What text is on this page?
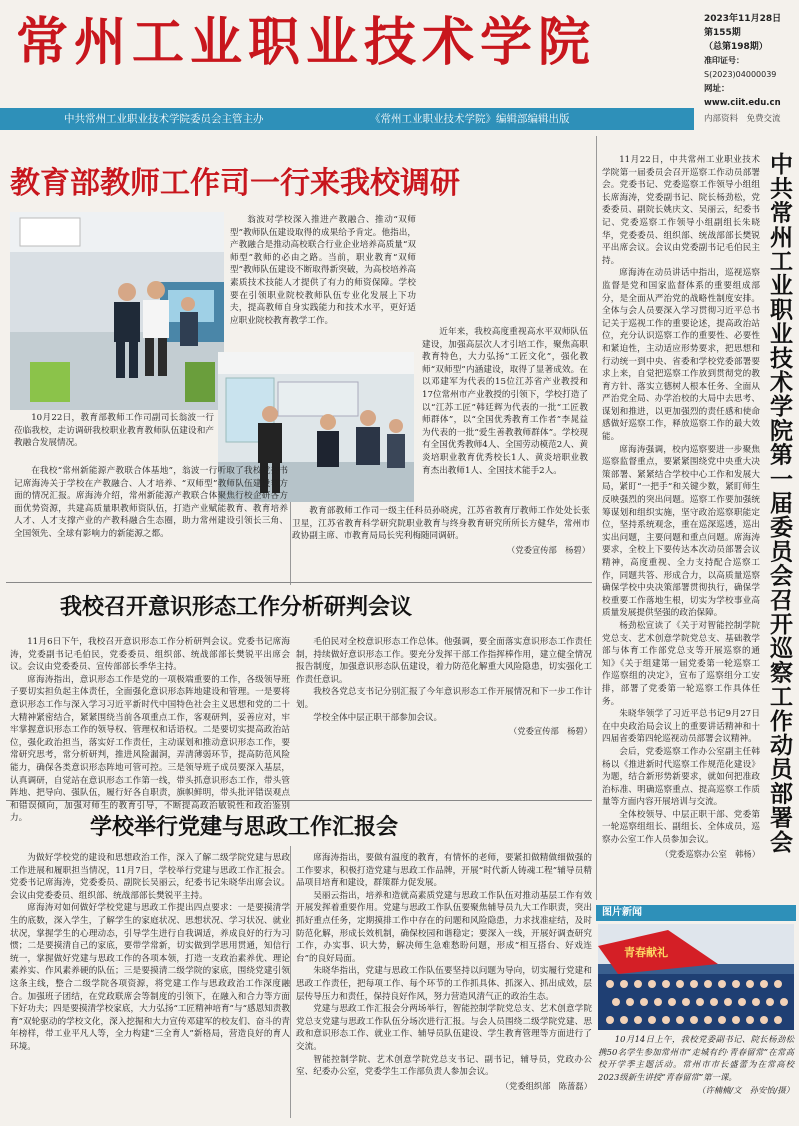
常州工业职业技术学院	2023年11月28日
第155期
（总第198期）
准印证号：
S(2023)04000039
网址：www.ciit.edu.cn
内部资料　免费交流
中共常州工业职业技术学院委员会主管主办	《常州工业职业技术学院》编辑部编辑出版
教育部教师工作司一行来我校调研

翁波对学校深入推进产教融合、推动“双师型”教师队伍建设取得的成果给予肯定。他指出，产教融合是推动高校联合行业企业培养高质量“双师型”教师的必由之路。当前，职业教育“双师型”教师队伍建设不断取得新突破，为高校培养高素质技术技能人才提供了有力的师资保障。学校要在引领职业院校教师队伍专业化发展上下功夫，提高教师自身实践能力和技术水平，更好适应职业院校教育教学工作。

近年来，我校高度重视高水平双师队伍建设，加强高层次人才引培工作，聚焦高职教育特色，大力弘扬“工匠文化”，强化教师“双师型”内涵建设，取得了显著成效。在以邓建军为代表的15位江苏省产业教授和17位常州市产业教授的引领下，学校打造了以“江苏工匠”韩廷辉为代表的一批“工匠教师群体”，以“全国优秀教育工作者”李晁益为代表的一批“爱生善教教师群体”。学校现有全国优秀教师4人、全国劳动模范2人、黄炎培职业教育优秀校长1人、黄炎培职业教育杰出教师1人、全国技术能手2人。

10月22日，教育部教师工作司副司长翁波一行莅临我校，走访调研我校职业教育教师队伍建设和产教融合发展情况。

在我校“常州新能源产教联合体基地”，翁波一行听取了我校党委书记席海涛关于学校在产教融合、人才培养、“双师型”教师队伍建设等方面的情况汇报。席海涛介绍，常州新能源产教联合体聚焦行校企研各方面优势资源，共建高质量职教师资队伍，打造产业赋能教育、教育培养人才、人才支撑产业的产教科融合生态圈，助力常州建设引领长三角、全国领先、全球有影响力的新能源之都。

教育部教师工作司一级主任科员孙晓虎，江苏省教育厅教师工作处处长张卫星，江苏省教育科学研究院职业教育与终身教育研究所所长方健华，常州市政协副主席、市教育局局长宪利梅随同调研。

（党委宣传部　杨碧）
我校召开意识形态工作分析研判会议

11月6日下午，我校召开意识形态工作分析研判会议。党委书记席海涛，党委副书记毛伯民，党委委员、组织部、统战部部长樊锐平出席会议。会议由党委委员、宣传部部长季华主持。

席海涛指出，意识形态工作是党的一项极端重要的工作，各级领导班子要切实担负起主体责任，全面强化意识形态阵地建设和管理。一是要将意识形态工作与深入学习习近平新时代中国特色社会主义思想和党的二十大精神紧密结合，紧紧围绕当前各项重点工作，客观研判，妥善应对，牢牢掌握意识形态工作的领导权、管理权和话语权。二是要切实提高政治站位，强化政治担当，落实好工作责任，主动谋划和推动意识形态工作，要常研究思考，常分析研判，推进风险漏洞，弄清薄弱环节，提高防范风险能力，确保各类意识形态阵地可管可控。三是领导班子成员要深入基层，认真调研，自觉站在意识形态工作第一线，带头抓意识形态工作，带头管阵地、把导向、强队伍，履行好各自职责，旗帜鲜明，带头批评错误观点和错误倾向，加强对师生的教育引导，不断提高政治敏锐性和政治鉴别力。

毛伯民对全校意识形态工作总体。他强调，要全面落实意识形态工作责任制，持续做好意识形态工作。要充分发挥干部工作指挥棒作用，建立健全情况报告制度，加强意识形态队伍建设，着力防范化解重大风险隐患，切实强化工作责任意识。

我校各党总支书记分别汇报了今年意识形态工作开展情况和下一步工作计划。

学校全体中层正职干部参加会议。

（党委宣传部　杨碧）
学校举行党建与思政工作汇报会

为做好学校党的建设和思想政治工作，深入了解二级学院党建与思政工作进展和履职担当情况，11月7日，学校举行党建与思政工作汇报会。党委书记席海涛，党委委员、副院长吴丽云，纪委书记朱晓华出席会议。会议由党委委员、组织部、统战部部长樊锐平主持。

席海涛对如何做好学校党建与思政工作提出四点要求：一是要摸清学生的底数，深入学生，了解学生的家庭状况、思想状况、学习状况、就业状况，掌握学生的心理动态，引导学生进行自我调适，养成良好的行为习惯；二是要摸清自己的家底，要带学常新，切实做到学思用贯通，知信行统一，掌握做好党建与思政工作的各项本领，打造一支政治素养优、理论素养实、作风素养硬的队伍；三是要摸清二级学院的家底，围绕党建引领这条主线，整合二级学院各项资源，将党建工作与思政政治工作深度融合。加强班子团结，在党政联席会等制度的引领下，在融入和合力等方面下好功夫；四是要摸清学校家底，大力弘扬“工匠精神培育”与“感恩知责教育”双轮驱动的学校文化，深入挖掘和大力宣传邓建军的校友们、奋斗的青年榜样，带工业平凡人等，全力构建“三全育人”新格局，营造良好的育人环境。

席海涛指出，要做有温度的教育，有情怀的老师，要紧扣做精做细做强的工作要求，积极打造党建与思政工作品牌，开展“时代新人铸魂工程”辅导员精品项目培育和建设，群策群力促发展。

吴丽云指出，培养和造就高素质党建与思政工作队伍对推动基层工作有效开展发挥着重要作用。党建与思政工作队伍要聚焦辅导员九大工作职责，突出抓好重点任务，定期摸排工作中存在的问题和风险隐患，力求找准症结，及时防范化解，形成长效机制，确保校园和谐稳定；要深入一线，开展好调查研究工作，办实事、识大势，解决师生急难愁盼问题，形成“相互搭台、好戏连台”的良好局面。

朱晓华指出，党建与思政工作队伍要坚持以问题为导向，切实履行党建和思政工作责任，把每项工作、每个环节的工作抓具体、抓深入、抓出成效，层层传导压力和责任，保持良好作风，努力营造风清气正的政治生态。

党建与思政工作汇报会分两场举行，智能控制学院党总支、艺术创意学院党总支党建与思政工作队伍分场次进行汇报。与会人员围绕二级学院党建、思政和意识形态工作、就业工作、辅导员队伍建设、学生教育管理等方面进行了交流。

智能控制学院、艺术创意学院党总支书记、副书记，辅导员，党政办公室、纪委办公室，党委学生工作部负责人参加会议。

（党委组织部　陈蔷磊）
中共常州工业职业技术学院第一届委员会召开巡察工作动员部署会

11月22日，中共常州工业职业技术学院第一届委员会召开巡察工作动员部署会。党委书记、党委巡察工作领导小组组长席海涛，党委副书记、院长杨劲松，党委委员、副院长姚庆文、吴丽云，纪委书记、党委巡察工作领导小组副组长朱晓华，党委委员、组织部、统战部部长樊锐平出席会议。会议由党委副书记毛伯民主持。

席海涛在动员讲话中指出，巡视巡察监督是党和国家监督体系的重要组成部分，是全面从严治党的战略性制度安排。全体与会人员要深入学习贯彻习近平总书记关于巡视工作的重要论述，提高政治站位，充分认识巡察工作的重要性、必要性和紧迫性，主动适应形势要求，把思想和行动统一到中央、省委和学校党委部署要求上来，自觉把巡察工作放到贯彻党的教育方针、落实立德树人根本任务、全面从严治党全局、办学治校的大局中去思考、谋划和推进，以更加强烈的责任感和使命感做好巡察工作，释放巡察工作的最大效能。

席海涛强调，校内巡察要进一步聚焦巡察监督重点，要紧紧围绕党中央重大决策部署、紧紧结合学校中心工作和发展大局，紧盯“一把手”和关键少数，紧盯师生反映强烈的突出问题。巡察工作要加强统筹谋划和组织实施，坚守政治巡察职能定位，坚持系统观念，重在巡深巡透，巡出实出问题，主要问题和重点问题。席海涛要求，全校上下要传达本次动员部署会议精神，高度重视、全力支持配合巡察工作，同题共答、形成合力，以高质量巡察确保学校中央决策部署贯彻执行，确保学校重要工作落地生根，切实为学校事业高质量发展提供坚强的政治保障。

杨劲松宣读了《关于对智能控制学院党总支、艺术创意学院党总支、基础教学部与体育工作部党总支等开展巡察的通知》《关于组建第一届党委第一轮巡察工作巡察组的决定》，宣布了巡察组分工安排，部署了党委第一轮巡察工作具体任务。

朱晓华领学了习近平总书记9月27日在中央政治局会议上的重要讲话精神和十四届省委第四轮巡视动员部署会议精神。

会后，党委巡察工作办公室副主任韩杨以《推进新时代巡察工作规范化建设》为题，结合新形势新要求，就如何把准政治标准、明确巡察重点、提高巡察工作质量等方面内容开展培训与交流。

全体校领导、中层正职干部、党委第一轮巡察组组长、副组长、全体成员，巡察办公室工作人员参加会议。

（党委巡察办公室　韩杨）
图片新闻
青春献礼

10月14日上午，我校党委副书记、院长杨劲松携50名学生参加常州市“走城有约·青春留常”在常高校开学季主题活动。常州市市长盛蕾为在常高校2023级新生讲授“青春留常”第一课。

（许楠楠/文　孙安怡/摄）
